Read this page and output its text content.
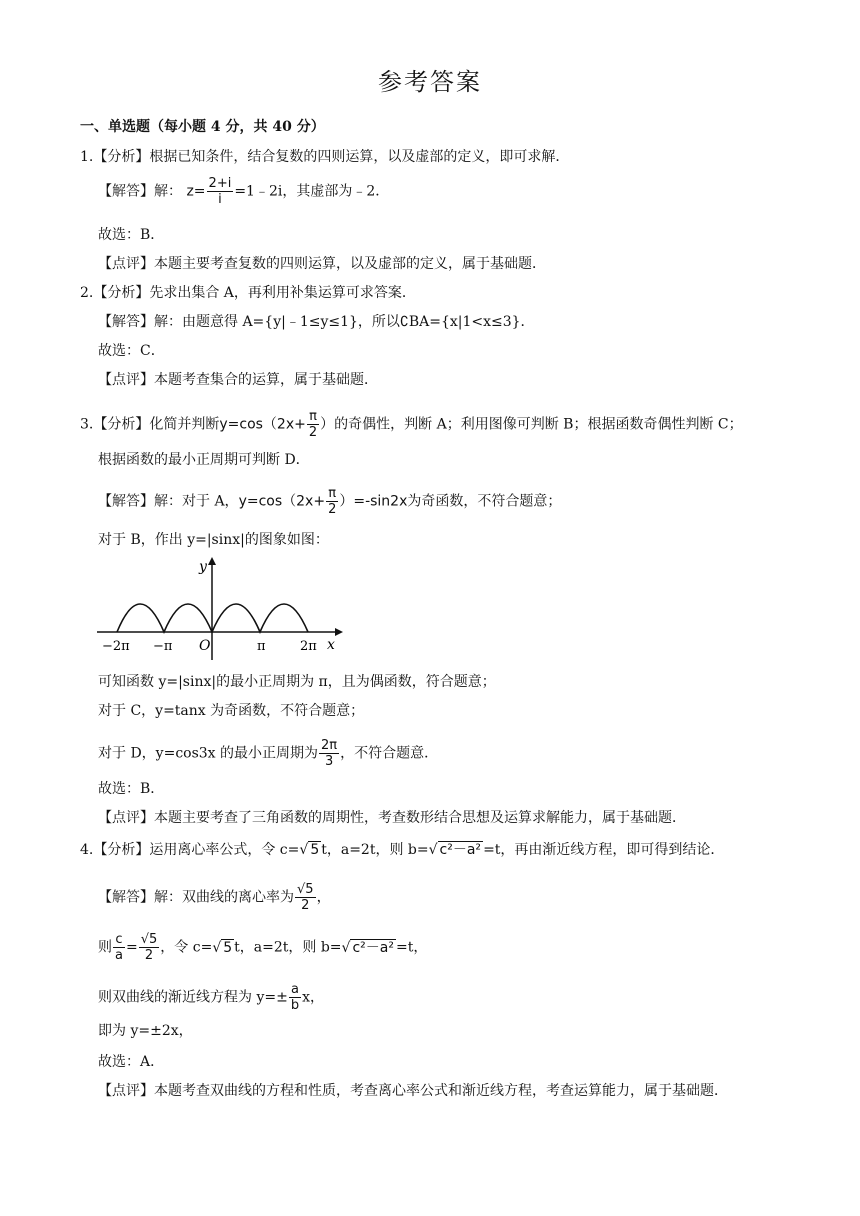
参考答案
一、单选题（每小题 4 分，共 40 分）
1.【分析】根据已知条件，结合复数的四则运算，以及虚部的定义，即可求解．
【解答】解： $z= \frac{2+i}{i}$ =1﹣2i，其虚部为﹣2．
故选：B．
【点评】本题主要考查复数的四则运算，以及虚部的定义，属于基础题．
2.【分析】先求出集合 A，再利用补集运算可求答案．
【解答】解：由题意得 A={y|﹣1≤y≤1}，所以∁BA={x|1<x≤3}．
故选：C．
【点评】本题考查集合的运算，属于基础题．
3.【分析】化简并判断$y=\cos(2x+ \frac{\pi}{2}$ ）的奇偶性，判断 A；利用图像可判断 B；根据函数奇偶性判断 C；
根据函数的最小正周期可判断 D．
【解答】解：对于 A，$y=\cos(2x+ \frac{\pi}{2} )=-\sin 2x$为奇函数，不符合题意；
对于 B，作出 y=|sinx|的图象如图：
y
x
O
−2π −π	π	2π
可知函数 y=|sinx|的最小正周期为 π，且为偶函数，符合题意；
对于 C，y=tanx 为奇函数，不符合题意；
对于 D，y=cos3x 的最小正周期为 $\frac{2\pi}{3}$ ，不符合题意．
故选：B．
【点评】本题主要考查了三角函数的周期性，考查数形结合思想及运算求解能力，属于基础题．
4.【分析】运用离心率公式，令 c=√ 5 t，a=2t，则 b=√ c²－a² =t，再由渐近线方程，即可得到结论．
【解答】解：双曲线的离心率为 $\frac{√5}{2}$ ，
则 $\frac{c}{a} = \frac{√5}{2}$ ，令 c=√ 5 t，a=2t，则 b=√ c²－a² =t，
则双曲线的渐近线方程为 $y=\pm \frac{a}{b}$ x，
即为 y=±2x，
故选：A．
【点评】本题考查双曲线的方程和性质，考查离心率公式和渐近线方程，考查运算能力，属于基础题．
